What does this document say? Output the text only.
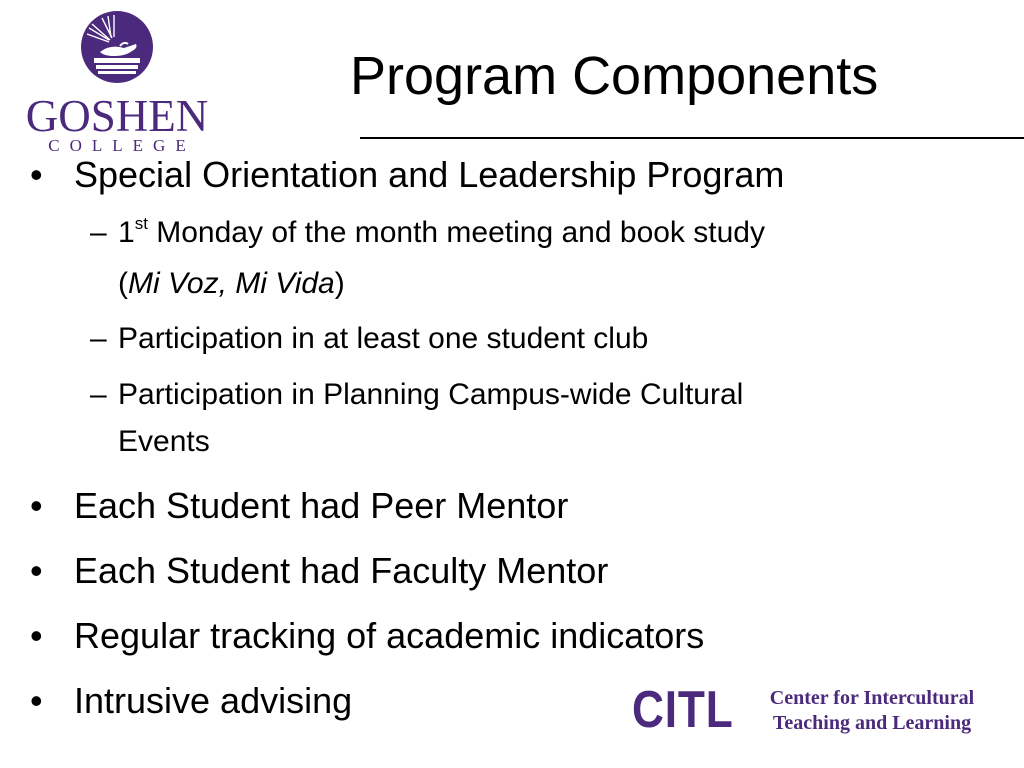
GOSHEN
COLLEGE
Program Components
• Special Orientation and Leadership Program
– 1st Monday of the month meeting and book study
(Mi Voz, Mi Vida)
– Participation in at least one student club
– Participation in Planning Campus-wide Cultural
Events
• Each Student had Peer Mentor
• Each Student had Faculty Mentor
• Regular tracking of academic indicators
• Intrusive advising	CITL	Center for Intercultural
Teaching and Learning
